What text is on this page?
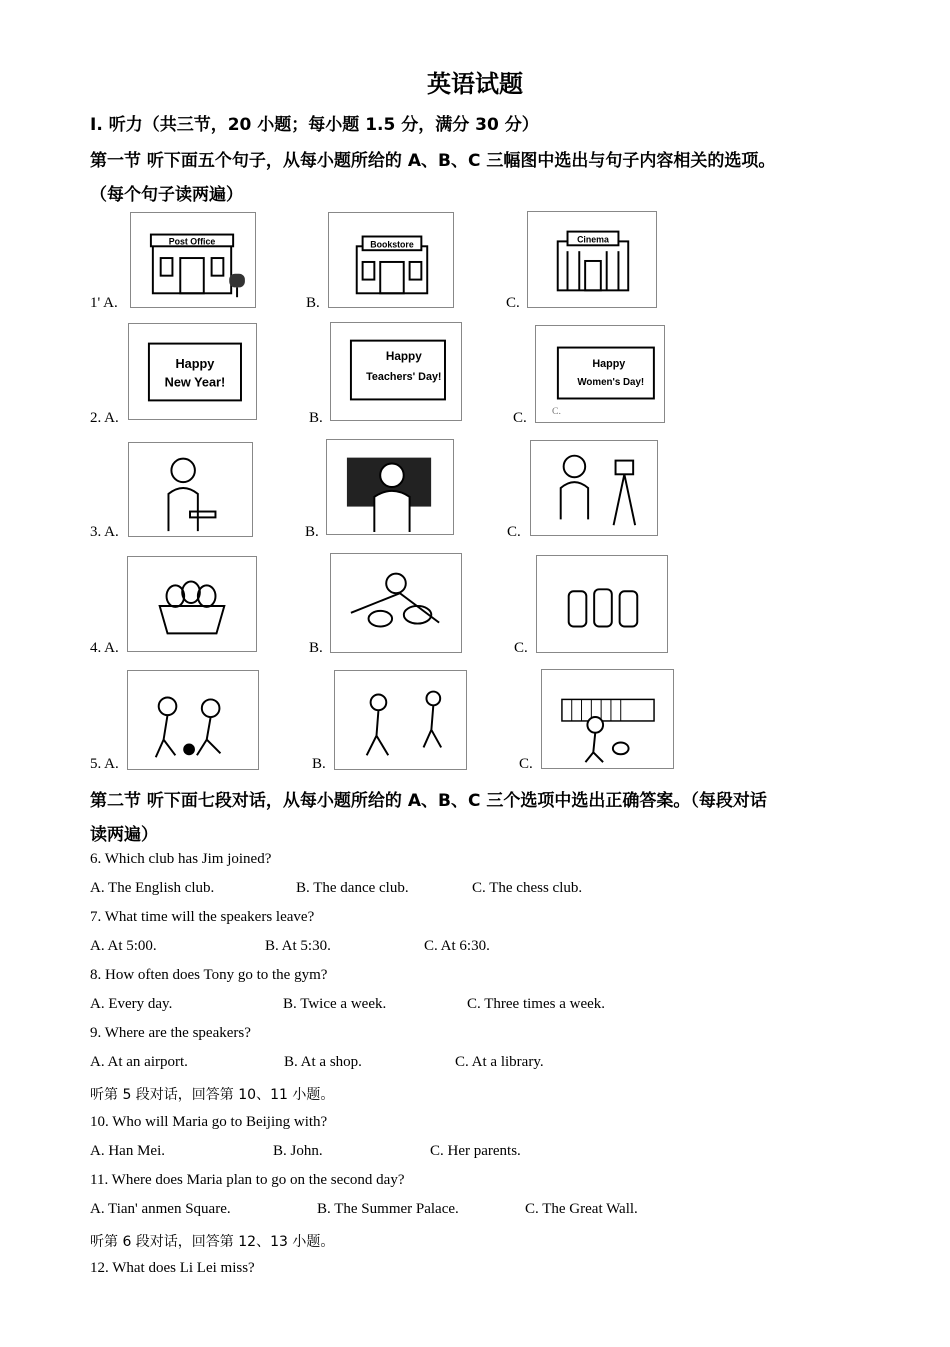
英语试题
Ⅰ. 听力（共三节，20 小题；每小题 1.5 分，满分 30 分）
第一节 听下面五个句子，从每小题所给的 A、B、C 三幅图中选出与句子内容相关的选项。
（每个句子读两遍）
1' A.
Post Office
B.
Bookstore
C.
Cinema
2. A.
Happy
New Year!
B.
Happy
Teachers' Day!
C.
Happy
Women's Day!
C.
3. A.	B.	C.
4. A.	B.	C.
5. A.	B.	C.
第二节 听下面七段对话，从每小题所给的 A、B、C 三个选项中选出正确答案。（每段对话
读两遍）
6. Which club has Jim joined?
A. The English club.	B. The dance club.	C. The chess club.
7. What time will the speakers leave?
A. At 5:00.	B. At 5:30.	C. At 6:30.
8. How often does Tony go to the gym?
A. Every day.	B. Twice a week.	C. Three times a week.
9. Where are the speakers?
A. At an airport.	B. At a shop.	C. At a library.
听第 5 段对话，回答第 10、11 小题。
10. Who will Maria go to Beijing with?
A. Han Mei.	B. John.	C. Her parents.
11. Where does Maria plan to go on the second day?
A. Tian' anmen Square.	B. The Summer Palace.	C. The Great Wall.
听第 6 段对话，回答第 12、13 小题。
12. What does Li Lei miss?
